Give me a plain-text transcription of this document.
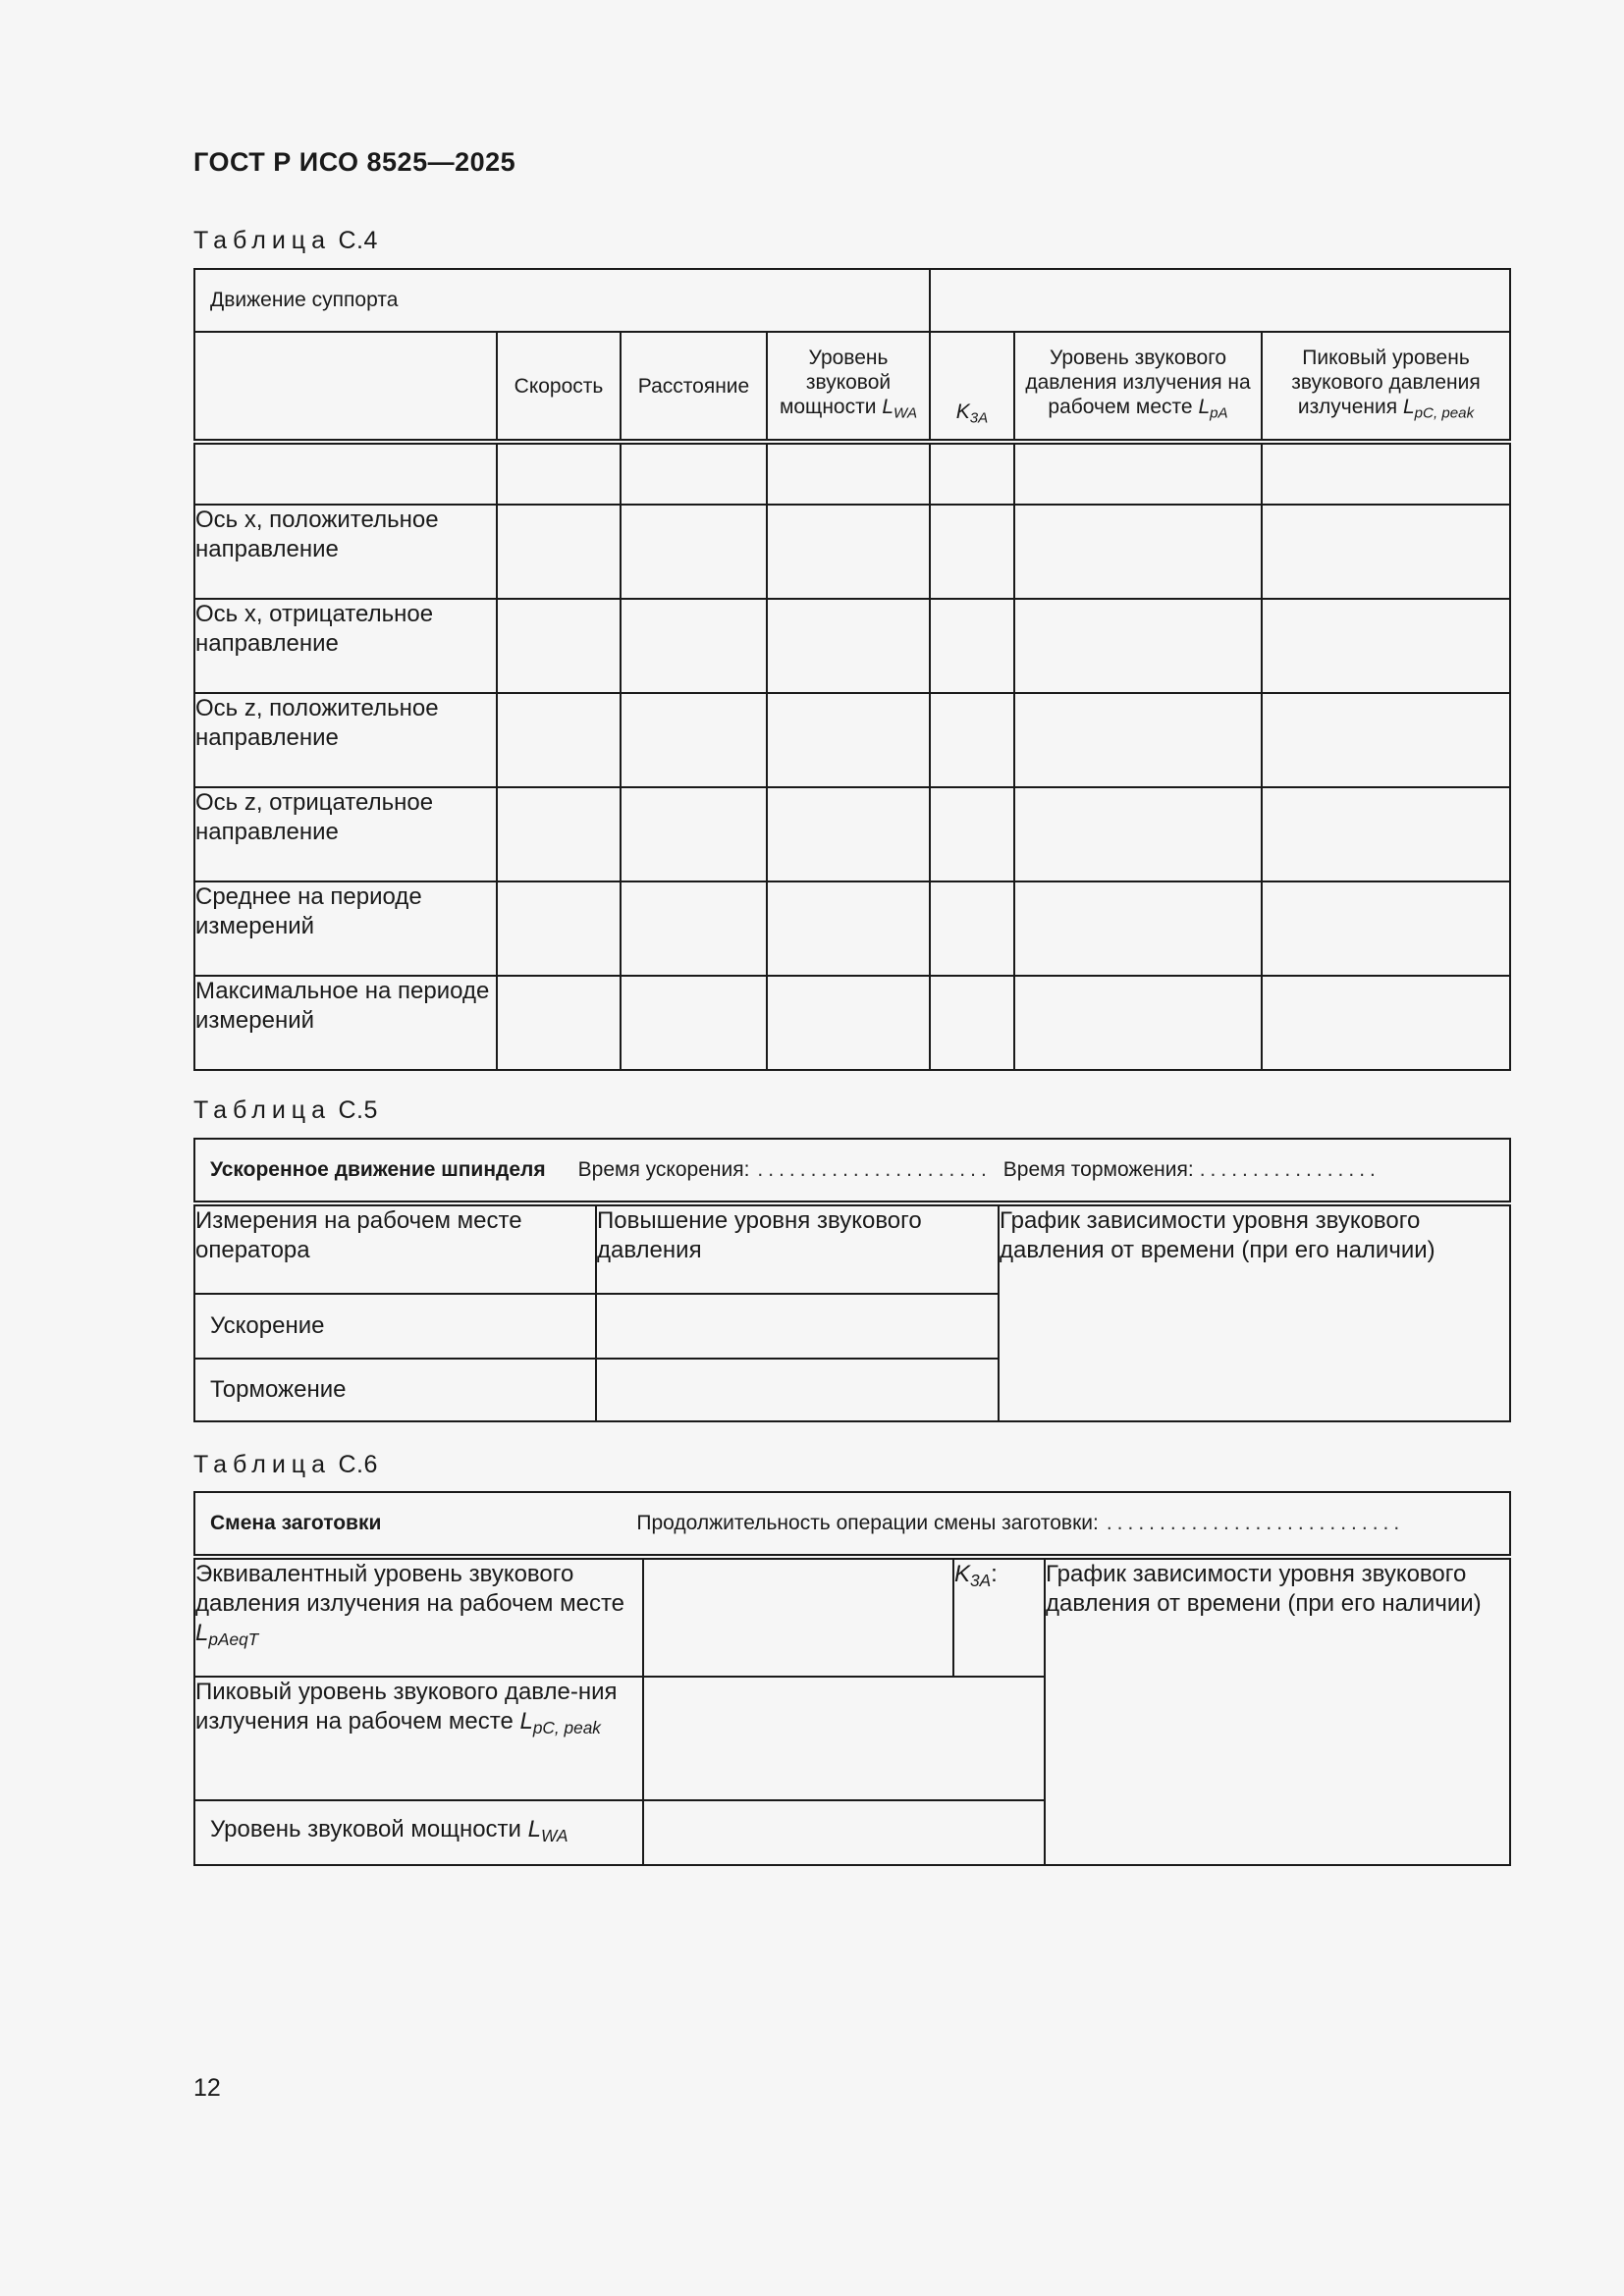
ГОСТ Р ИСО 8525—2025
Таблица С.4
Движение суппорта						
	Скорость	Расстояние	Уровень звуковой мощности $L_{WA}$	$K_{3A}$	Уровень звукового давления излучения на рабочем месте $L_{pA}$	Пиковый уровень звукового давления излучения $L_{pC, peak}$

Ось x, положительное направление						
Ось x, отрицательное направление						
Ось z, положительное направление						
Ось z, отрицательное направление						
Среднее на периоде измерений						
Максимальное на периоде измерений						
Таблица С.5
Ускоренное движение шпинделя Время ускорения: ...................... Время торможения: .................		

Измерения на рабочем месте оператора	Повышение уровня звукового давления	График зависимости уровня звукового давления от времени (при его наличии)
Ускорение		
Торможение		
Таблица С.6
Смена заготовки Продолжительность операции смены заготовки: ............................			

Эквивалентный уровень звукового давления излучения на рабочем месте $L_{pAeqT}$		$K_{3A}$:	График зависимости уровня звукового давления от времени (при его наличии)
Пиковый уровень звукового давле-ния излучения на рабочем месте $L_{pC, peak}$	
Уровень звуковой мощности $L_{WA}$	
12
